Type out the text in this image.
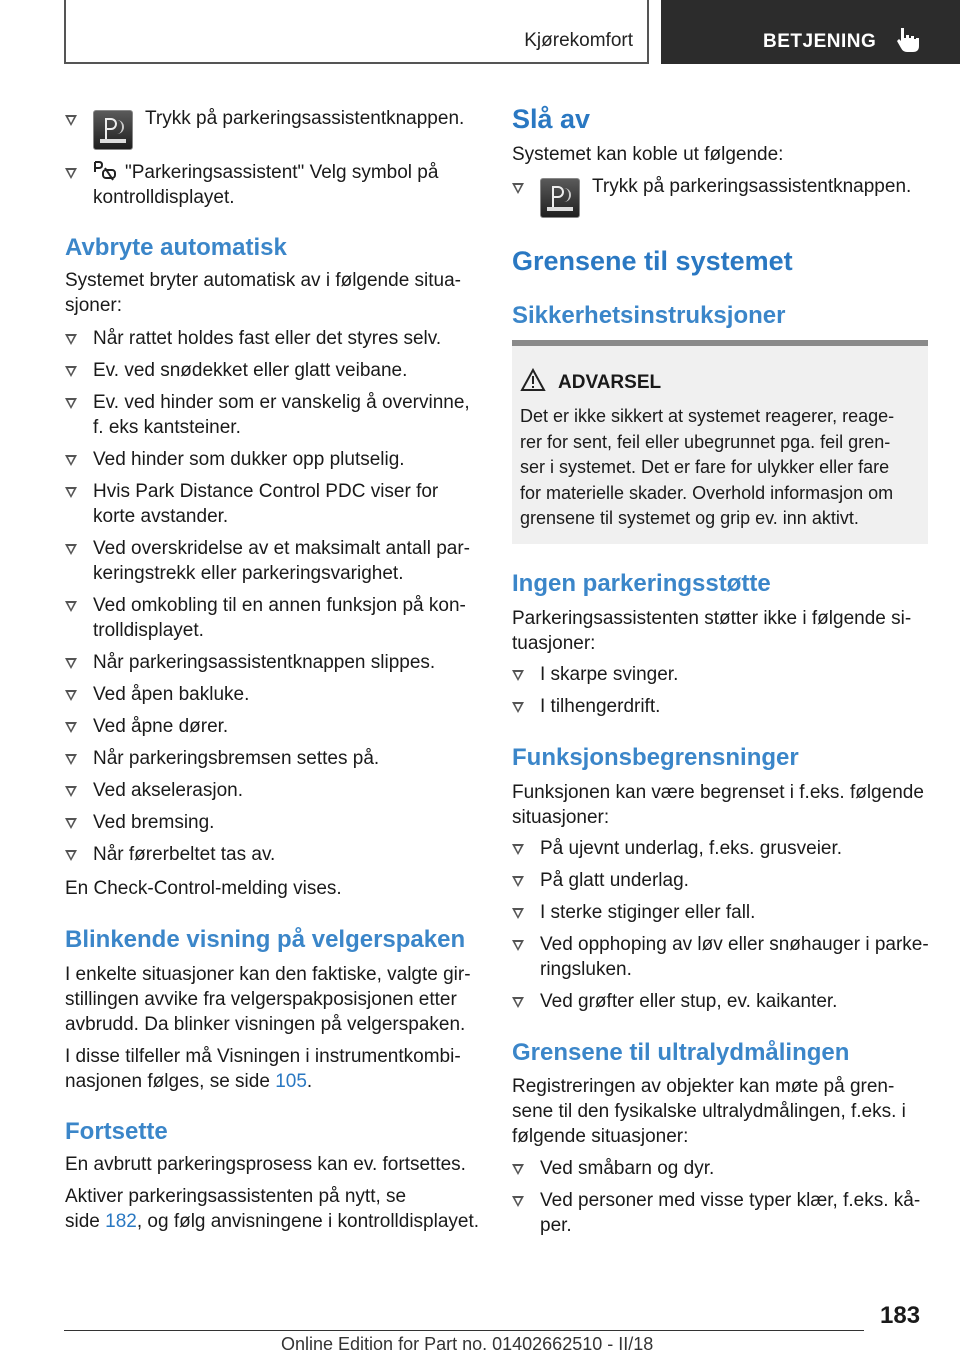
Kjørekomfort	BETJENING
Trykk på parkeringsassistentknappen.
"Parkeringsassistent" Velg symbol på
kontrolldisplayet.
Avbryte automatisk
Systemet bryter automatisk av i følgende situa-
sjoner:
Når rattet holdes fast eller det styres selv.
Ev. ved snødekket eller glatt veibane.
Ev. ved hinder som er vanskelig å overvinne,
f. eks kantsteiner.
Ved hinder som dukker opp plutselig.
Hvis Park Distance Control PDC viser for
korte avstander.
Ved overskridelse av et maksimalt antall par-
keringstrekk eller parkeringsvarighet.
Ved omkobling til en annen funksjon på kon-
trolldisplayet.
Når parkeringsassistentknappen slippes.
Ved åpen bakluke.
Ved åpne dører.
Når parkeringsbremsen settes på.
Ved akselerasjon.
Ved bremsing.
Når førerbeltet tas av.
En Check-Control-melding vises.
Blinkende visning på velgerspaken
I enkelte situasjoner kan den faktiske, valgte gir-
stillingen avvike fra velgerspakposisjonen etter
avbrudd. Da blinker visningen på velgerspaken.
I disse tilfeller må Visningen i instrumentkombi-
nasjonen følges, se side 105.
Fortsette
En avbrutt parkeringsprosess kan ev. fortsettes.
Aktiver parkeringsassistenten på nytt, se
side 182, og følg anvisningene i kontrolldisplayet.
Slå av
Systemet kan koble ut følgende:
Trykk på parkeringsassistentknappen.
Grensene til systemet
Sikkerhetsinstruksjoner
ADVARSEL
Det er ikke sikkert at systemet reagerer, reage-
rer for sent, feil eller ubegrunnet pga. feil gren-
ser i systemet. Det er fare for ulykker eller fare
for materielle skader. Overhold informasjon om
grensene til systemet og grip ev. inn aktivt.
Ingen parkeringsstøtte
Parkeringsassistenten støtter ikke i følgende si-
tuasjoner:
I skarpe svinger.
I tilhengerdrift.
Funksjonsbegrensninger
Funksjonen kan være begrenset i f.eks. følgende
situasjoner:
På ujevnt underlag, f.eks. grusveier.
På glatt underlag.
I sterke stiginger eller fall.
Ved opphoping av løv eller snøhauger i parke-
ringsluken.
Ved grøfter eller stup, ev. kaikanter.
Grensene til ultralydmålingen
Registreringen av objekter kan møte på gren-
sene til den fysikalske ultralydmålingen, f.eks. i
følgende situasjoner:
Ved småbarn og dyr.
Ved personer med visse typer klær, f.eks. kå-
per.
183
Online Edition for Part no. 01402662510 - II/18
